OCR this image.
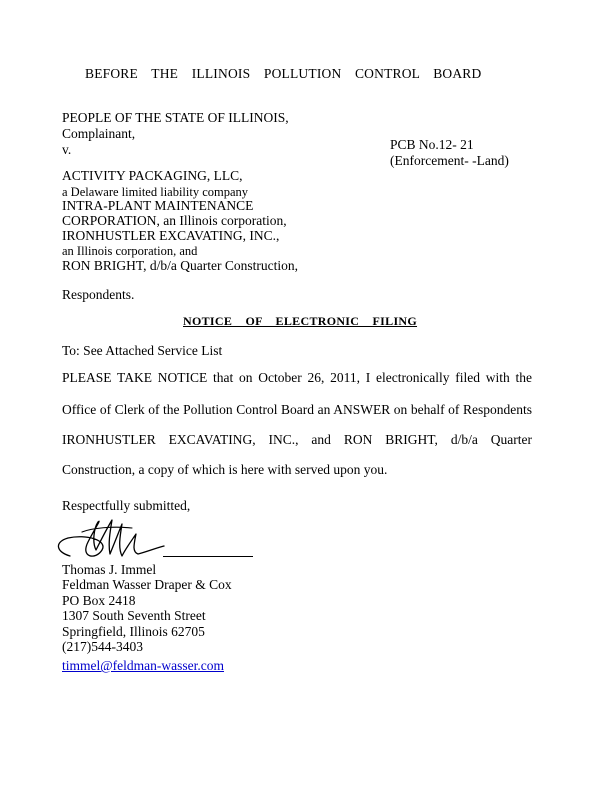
BEFORE THE ILLINOIS POLLUTION CONTROL BOARD
PEOPLE OF THE STATE OF ILLINOIS,
Complainant,
v.	PCB No.12- 21
(Enforcement- -Land)
ACTIVITY PACKAGING, LLC,
a Delaware limited liability company
INTRA-PLANT MAINTENANCE
CORPORATION, an Illinois corporation,
IRONHUSTLER EXCAVATING, INC.,
an Illinois corporation, and
RON BRIGHT, d/b/a Quarter Construction,
Respondents.
NOTICE OF ELECTRONIC FILING
To: See Attached Service List
PLEASE TAKE NOTICE that on October 26, 2011, I electronically filed with the
Office of Clerk of the Pollution Control Board an ANSWER on behalf of Respondents
IRONHUSTLER EXCAVATING, INC., and RON BRIGHT, d/b/a Quarter
Construction, a copy of which is here with served upon you.
Respectfully submitted,
Thomas J. Immel
Feldman Wasser Draper & Cox
PO Box 2418
1307 South Seventh Street
Springfield, Illinois 62705
(217)544-3403
timmel@feldman-wasser.com
